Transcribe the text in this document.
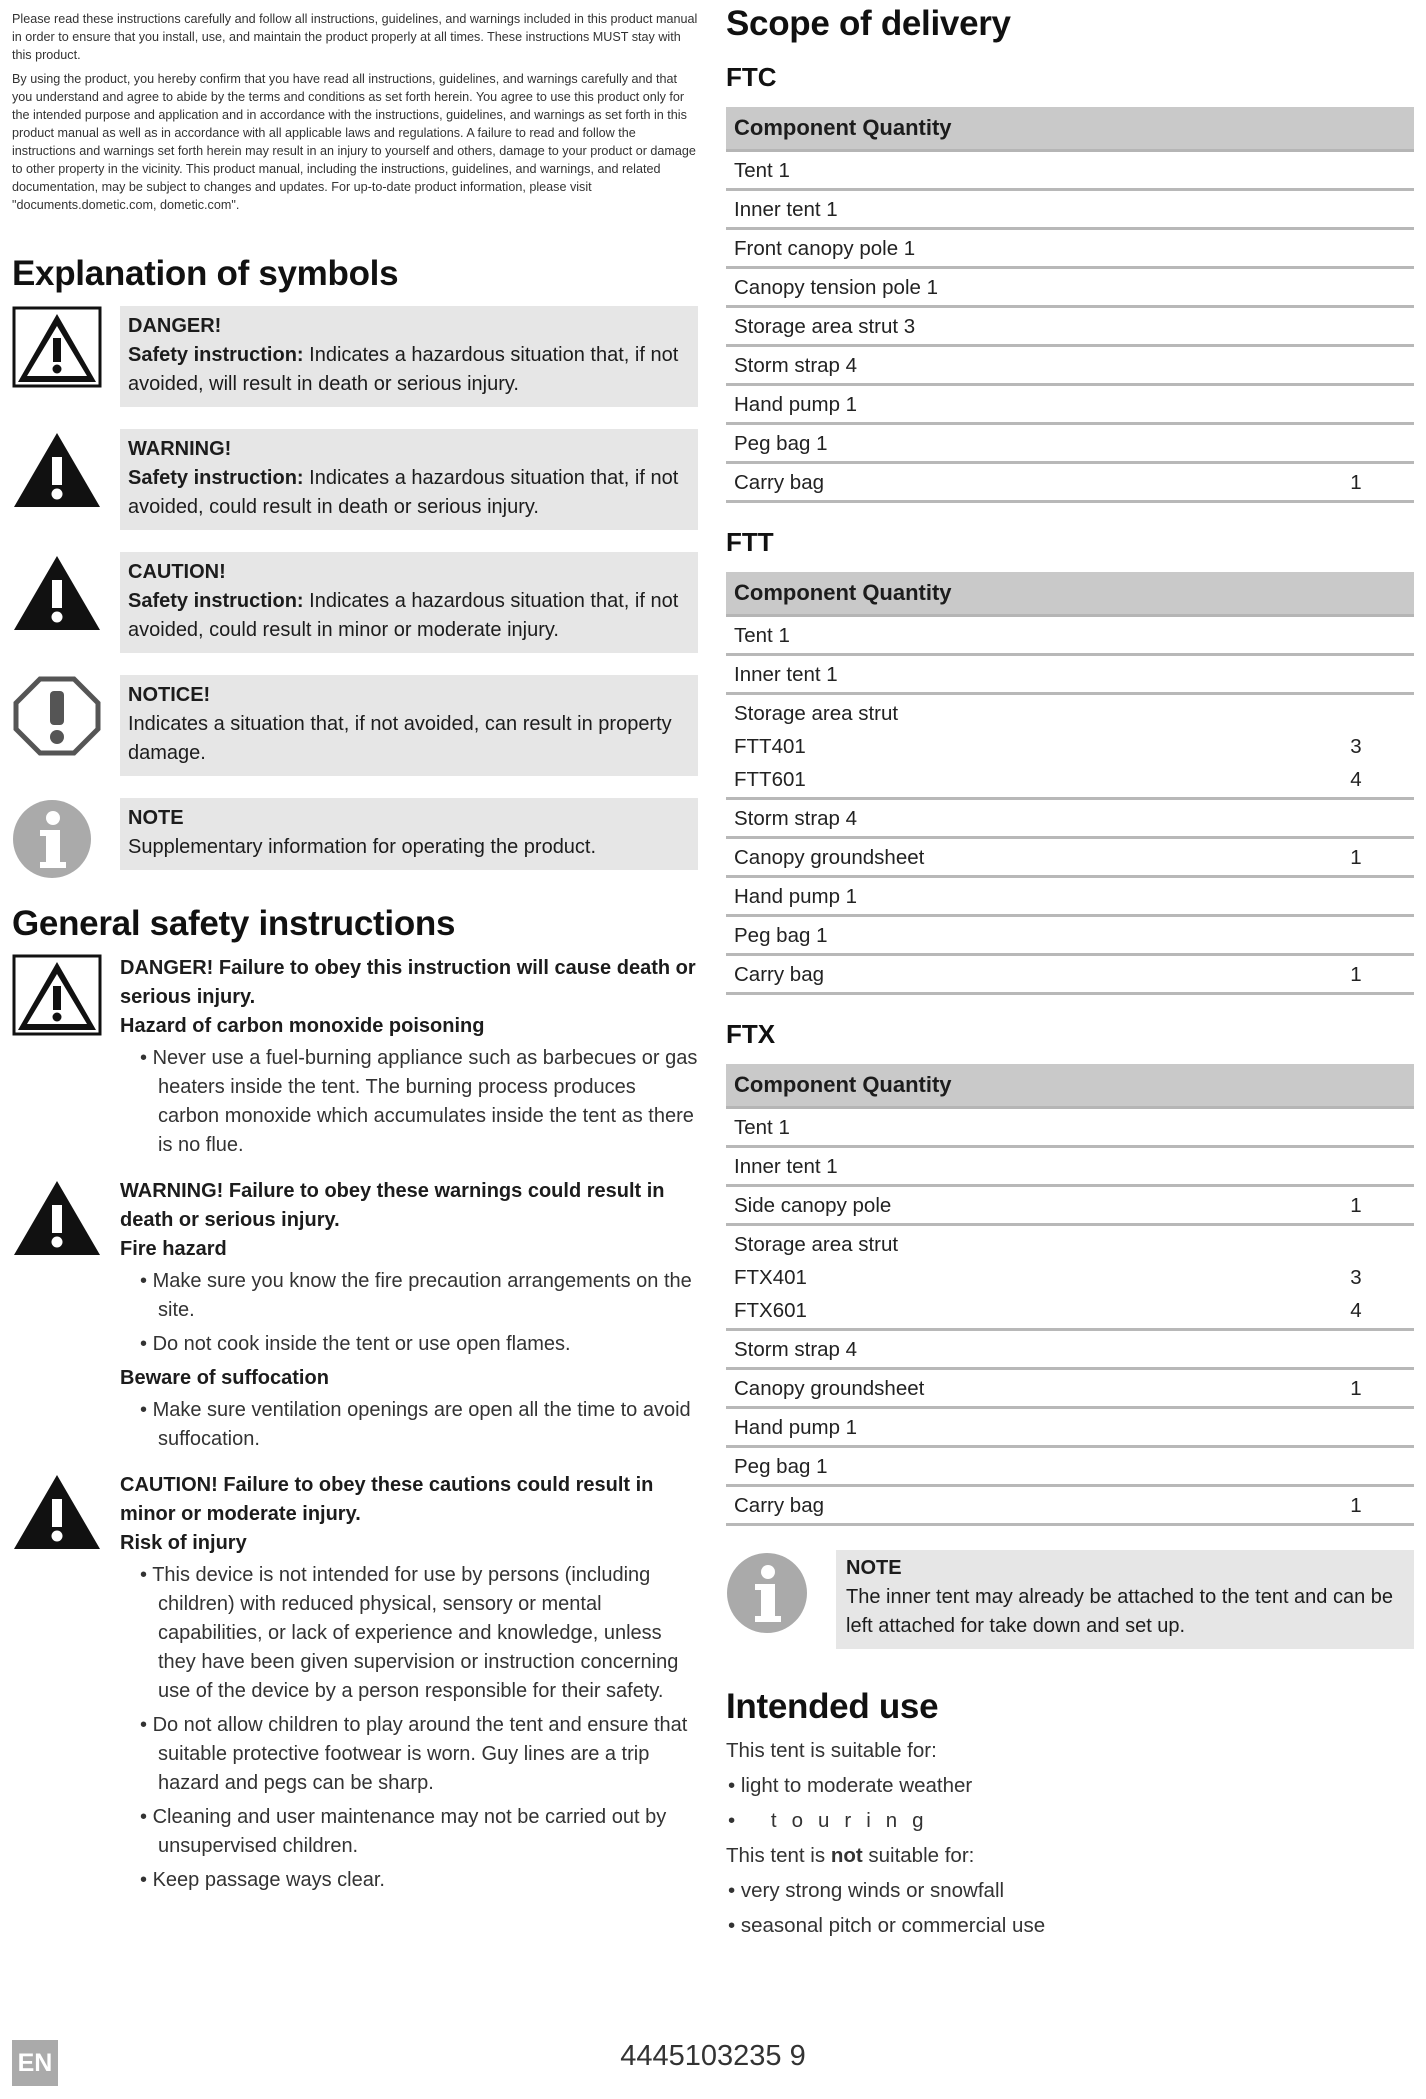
Please read these instructions carefully and follow all instructions, guidelines, and warnings included in this product manual in order to ensure that you install, use, and maintain the product properly at all times. These instructions MUST stay with this product.

By using the product, you hereby confirm that you have read all instructions, guidelines, and warnings carefully and that you understand and agree to abide by the terms and conditions as set forth herein. You agree to use this product only for the intended purpose and application and in accordance with the instructions, guidelines, and warnings as set forth in this product manual as well as in accordance with all applicable laws and regulations. A failure to read and follow the instructions and warnings set forth herein may result in an injury to yourself and others, damage to your product or damage to other property in the vicinity. This product manual, including the instructions, guidelines, and warnings, and related documentation, may be subject to changes and updates. For up-to-date product information, please visit "documents.dometic.com, dometic.com".

Explanation of symbols
DANGER!
Safety instruction: Indicates a hazardous situation that, if not avoided, will result in death or serious injury.
WARNING!
Safety instruction: Indicates a hazardous situation that, if not avoided, could result in death or serious injury.
CAUTION!
Safety instruction: Indicates a hazardous situation that, if not avoided, could result in minor or moderate injury.
NOTICE!
Indicates a situation that, if not avoided, can result in property damage.
NOTE
Supplementary information for operating the product.
General safety instructions
DANGER! Failure to obey this instruction will cause death or serious injury.
Hazard of carbon monoxide poisoning
• Never use a fuel-burning appliance such as barbecues or gas heaters inside the tent. The burning process produces carbon monoxide which accumulates inside the tent as there is no flue.
WARNING! Failure to obey these warnings could result in death or serious injury.
Fire hazard
• Make sure you know the fire precaution arrangements on the site.
• Do not cook inside the tent or use open flames.
Beware of suffocation
• Make sure ventilation openings are open all the time to avoid suffocation.
CAUTION! Failure to obey these cautions could result in minor or moderate injury.
Risk of injury
• This device is not intended for use by persons (including children) with reduced physical, sensory or mental capabilities, or lack of experience and knowledge, unless they have been given supervision or instruction concerning use of the device by a person responsible for their safety.
• Do not allow children to play around the tent and ensure that suitable protective footwear is worn. Guy lines are a trip hazard and pegs can be sharp.
• Cleaning and user maintenance may not be carried out by unsupervised children.
• Keep passage ways clear.
Scope of delivery
FTC
Component Quantity
Tent 1
Inner tent 1
Front canopy pole 1
Canopy tension pole 1
Storage area strut 3
Storm strap 4
Hand pump 1
Peg bag 1
Carry bag	1
FTT
Component Quantity
Tent 1
Inner tent 1
Storage area strut
FTT401	3
FTT601	4
Storm strap 4
Canopy groundsheet	1
Hand pump 1
Peg bag 1
Carry bag	1
FTX
Component Quantity
Tent 1
Inner tent 1
Side canopy pole	1
Storage area strut
FTX401	3
FTX601	4
Storm strap 4
Canopy groundsheet	1
Hand pump 1
Peg bag 1
Carry bag	1
NOTE
The inner tent may already be attached to the tent and can be left attached for take down and set up.
Intended use

This tent is suitable for:

• light to moderate weather

• touring

This tent is not suitable for:

• very strong winds or snowfall

• seasonal pitch or commercial use

4445103235 9
EN
